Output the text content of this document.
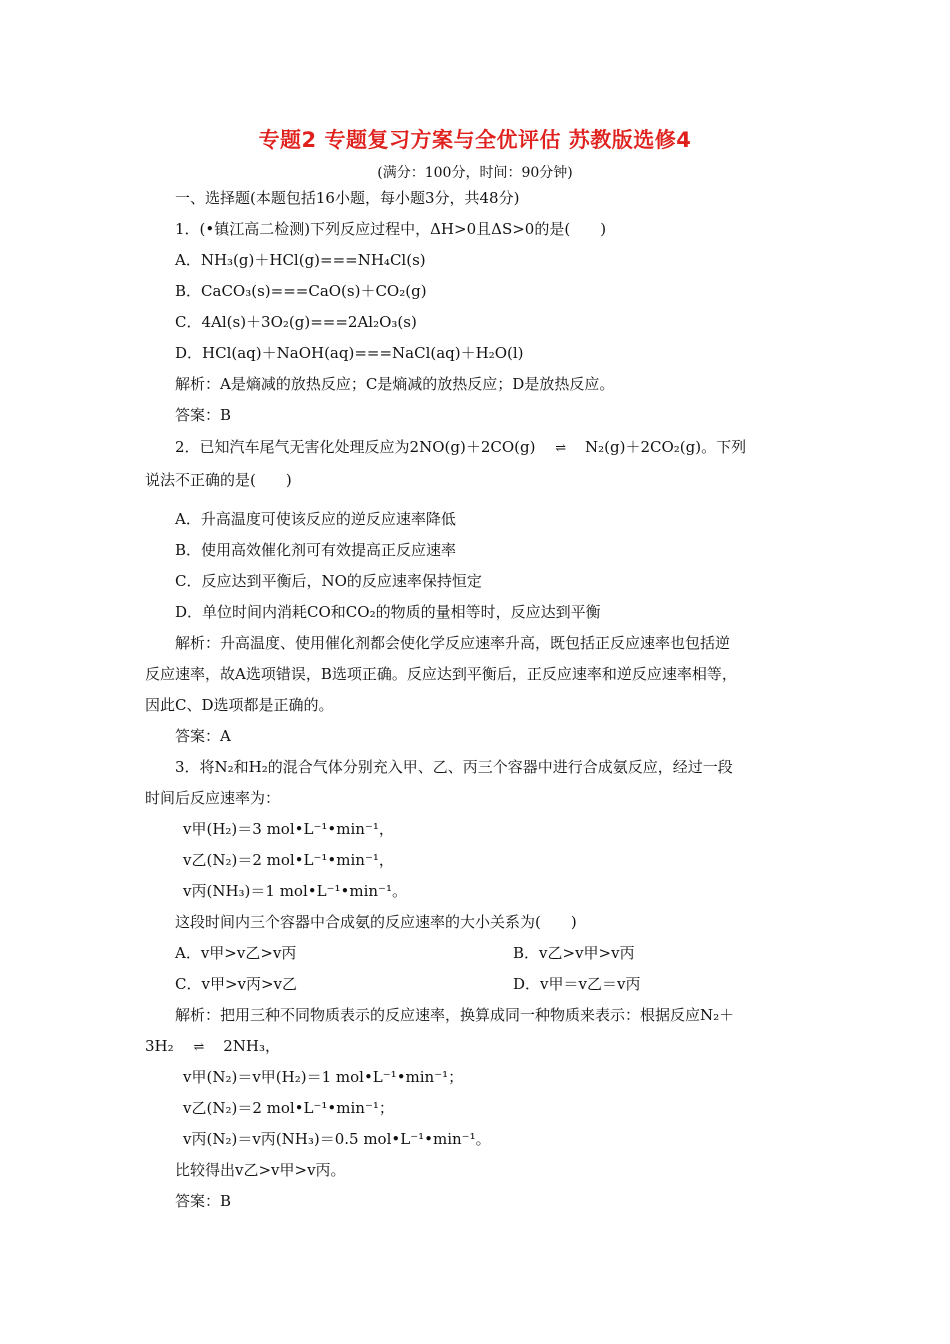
专题2 专题复习方案与全优评估 苏教版选修4
(满分：100分，时间：90分钟)
一、选择题(本题包括16小题，每小题3分，共48分)
1．(•镇江高二检测)下列反应过程中，ΔH>0且ΔS>0的是(　　)
A．NH₃(g)＋HCl(g)===NH₄Cl(s)
B．CaCO₃(s)===CaO(s)＋CO₂(g)
C．4Al(s)＋3O₂(g)===2Al₂O₃(s)
D．HCl(aq)＋NaOH(aq)===NaCl(aq)＋H₂O(l)
解析：A是熵减的放热反应；C是熵减的放热反应；D是放热反应。
答案：B
2．已知汽车尾气无害化处理反应为2NO(g)＋2CO(g) ⇌ N₂(g)＋2CO₂(g)。下列
说法不正确的是(　　)
A．升高温度可使该反应的逆反应速率降低
B．使用高效催化剂可有效提高正反应速率
C．反应达到平衡后，NO的反应速率保持恒定
D．单位时间内消耗CO和CO₂的物质的量相等时，反应达到平衡
解析：升高温度、使用催化剂都会使化学反应速率升高，既包括正反应速率也包括逆
反应速率，故A选项错误，B选项正确。反应达到平衡后，正反应速率和逆反应速率相等，
因此C、D选项都是正确的。
答案：A
3．将N₂和H₂的混合气体分别充入甲、乙、丙三个容器中进行合成氨反应，经过一段
时间后反应速率为：
v甲(H₂)＝3 mol•L⁻¹•min⁻¹，
v乙(N₂)＝2 mol•L⁻¹•min⁻¹，
v丙(NH₃)＝1 mol•L⁻¹•min⁻¹。
这段时间内三个容器中合成氨的反应速率的大小关系为(　　)
A．v甲>v乙>v丙	B．v乙>v甲>v丙
C．v甲>v丙>v乙	D．v甲＝v乙＝v丙
解析：把用三种不同物质表示的反应速率，换算成同一种物质来表示：根据反应N₂＋
3H₂ ⇌ 2NH₃，
v甲(N₂)＝v甲(H₂)＝1 mol•L⁻¹•min⁻¹；
v乙(N₂)＝2 mol•L⁻¹•min⁻¹；
v丙(N₂)＝v丙(NH₃)＝0.5 mol•L⁻¹•min⁻¹。
比较得出v乙>v甲>v丙。
答案：B
